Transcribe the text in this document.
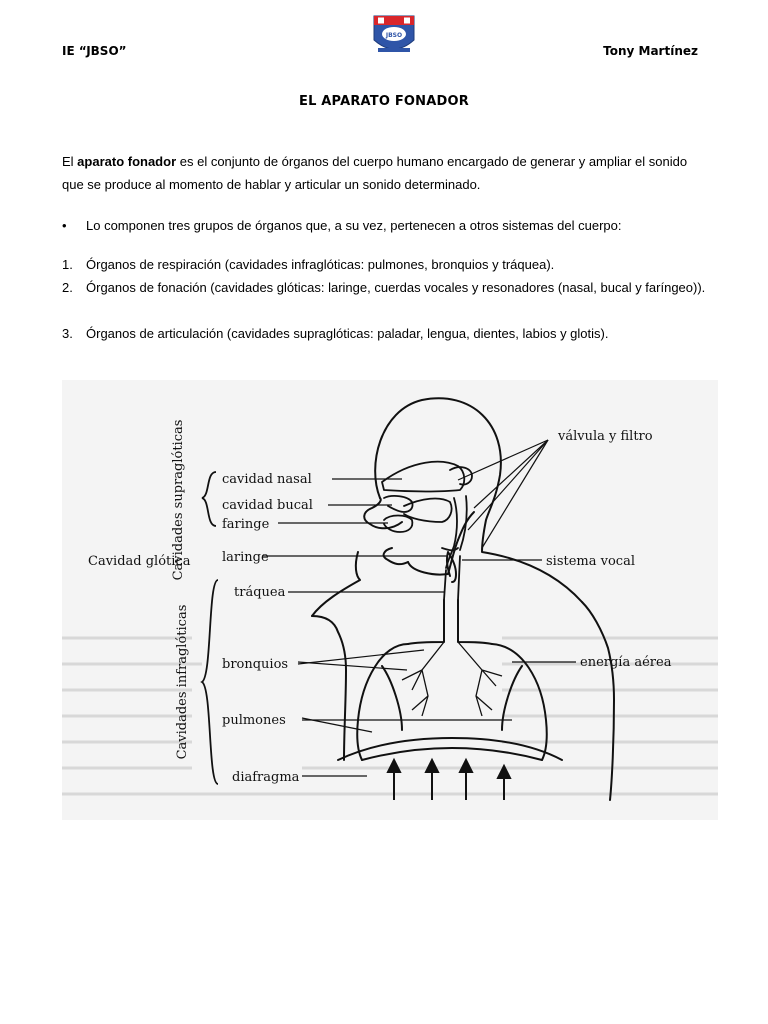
IE “JBSO”	Tony Martínez
JBSO
EL APARATO FONADOR
El aparato fonador es el conjunto de órganos del cuerpo humano encargado de generar y ampliar el sonido que se produce al momento de hablar y articular un sonido determinado.
• Lo componen tres grupos de órganos que, a su vez, pertenecen a otros sistemas del cuerpo:
1. Órganos de respiración (cavidades infraglóticas: pulmones, bronquios y tráquea).
2. Órganos de fonación (cavidades glóticas: laringe, cuerdas vocales y resonadores (nasal, bucal y faríngeo)).
3. Órganos de articulación (cavidades supraglóticas: paladar, lengua, dientes, labios y glotis).
Cavidades supraglóticas
Cavidad glótica
Cavidades infraglóticas
cavidad nasal
cavidad bucal
faringe
laringe
tráquea
bronquios
pulmones
diafragma
válvula y filtro
sistema vocal
energía aérea
